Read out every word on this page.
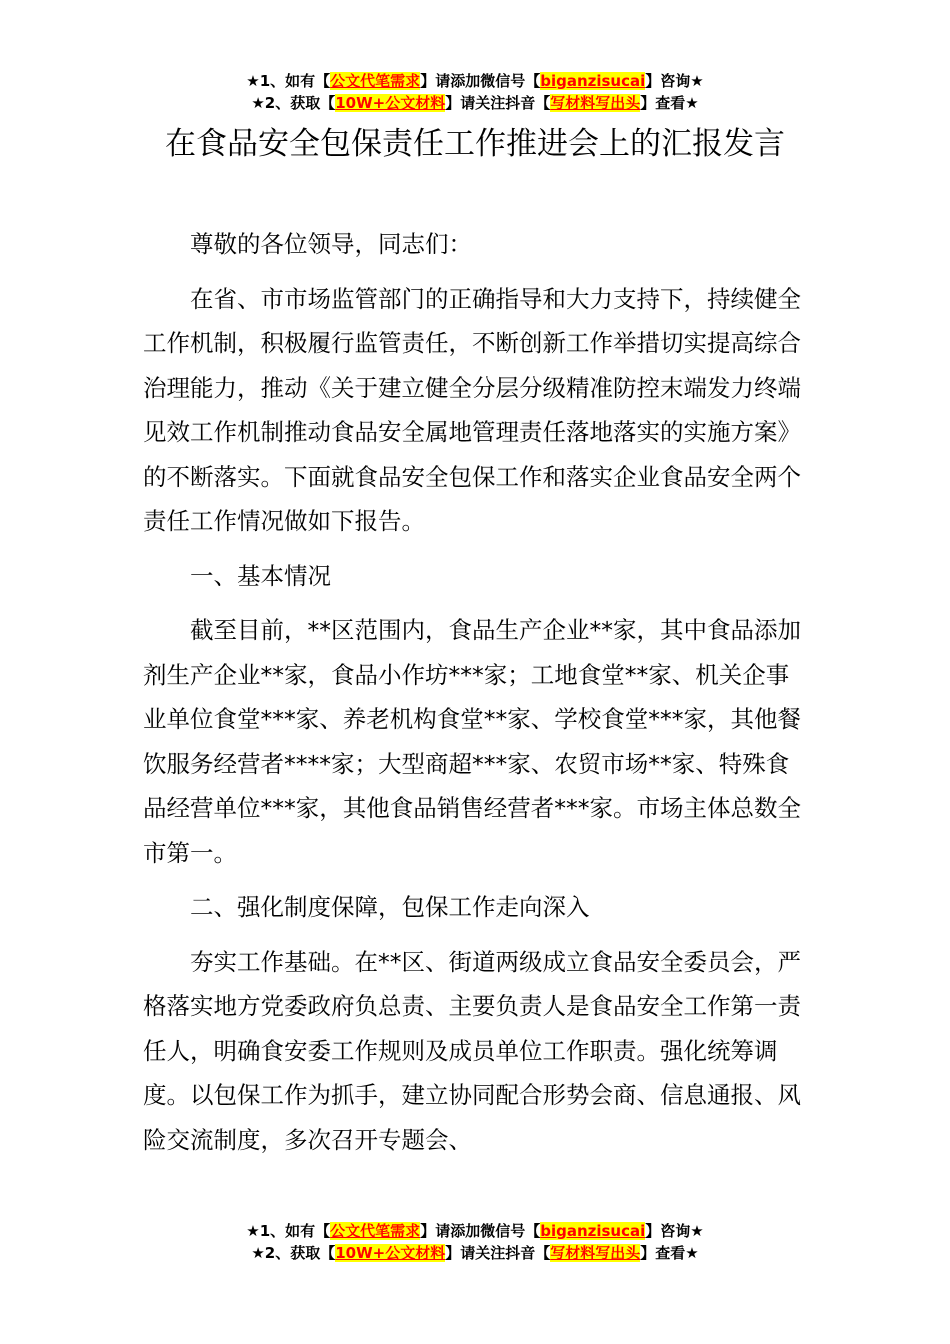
★1、如有【公文代笔需求】请添加微信号【biganzisucai】咨询★
★2、获取【10W+公文材料】请关注抖音【写材料写出头】查看★
在食品安全包保责任工作推进会上的汇报发言

尊敬的各位领导，同志们：

在省、市市场监管部门的正确指导和大力支持下，持续健全工作机制，积极履行监管责任，不断创新工作举措切实提高综合治理能力，推动《关于建立健全分层分级精准防控末端发力终端见效工作机制推动食品安全属地管理责任落地落实的实施方案》的不断落实。下面就食品安全包保工作和落实企业食品安全两个责任工作情况做如下报告。

一、基本情况

截至目前，**区范围内，食品生产企业**家，其中食品添加剂生产企业**家，食品小作坊***家；工地食堂**家、机关企事业单位食堂***家、养老机构食堂**家、学校食堂***家，其他餐饮服务经营者****家；大型商超***家、农贸市场**家、特殊食品经营单位***家，其他食品销售经营者***家。市场主体总数全市第一。

二、强化制度保障，包保工作走向深入

夯实工作基础。在**区、街道两级成立食品安全委员会，严格落实地方党委政府负总责、主要负责人是食品安全工作第一责任人，明确食安委工作规则及成员单位工作职责。强化统筹调度。以包保工作为抓手，建立协同配合形势会商、信息通报、风险交流制度，多次召开专题会、

★1、如有【公文代笔需求】请添加微信号【biganzisucai】咨询★
★2、获取【10W+公文材料】请关注抖音【写材料写出头】查看★
